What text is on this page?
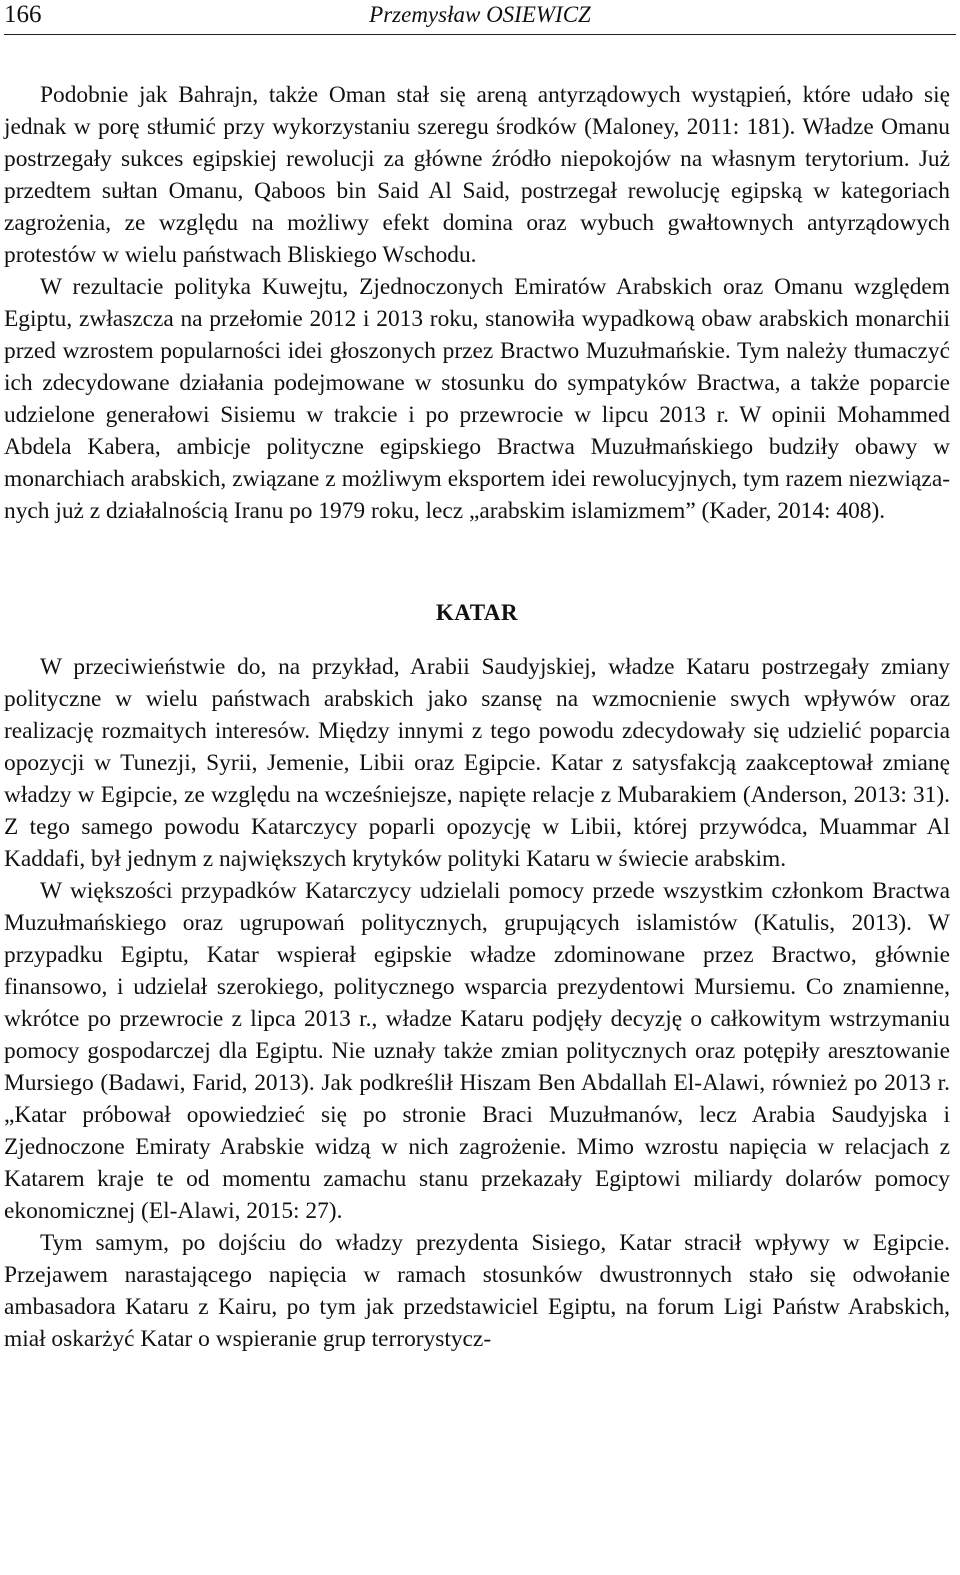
166	Przemysław OSIEWICZ

Podobnie jak Bahrajn, także Oman stał się areną antyrządowych wystąpień, które udało się jednak w porę stłumić przy wykorzystaniu szeregu środków (Maloney, 2011: 181). Władze Omanu postrzegały sukces egipskiej rewolucji za główne źródło niepokojów na własnym terytorium. Już przedtem sułtan Omanu, Qaboos bin Said Al Said, postrzegał rewolucję egipską w kategoriach zagrożenia, ze względu na możliwy efekt domina oraz wybuch gwałtownych antyrządowych protestów w wielu państwach Bliskiego Wschodu.

W rezultacie polityka Kuwejtu, Zjednoczonych Emiratów Arabskich oraz Omanu względem Egiptu, zwłaszcza na przełomie 2012 i 2013 roku, stanowiła wypadkową obaw arabskich monarchii przed wzrostem popularności idei głoszonych przez Bractwo Muzułmańskie. Tym należy tłumaczyć ich zdecydowane działania podejmowane w stosunku do sympatyków Bractwa, a także poparcie udzielone generałowi Sisiemu w trakcie i po przewrocie w lipcu 2013 r. W opinii Mohammed Abdela Kabera, ambicje polityczne egipskiego Bractwa Muzułmańskiego budziły obawy w monarchiach arabskich, związane z możliwym eksportem idei rewolucyjnych, tym razem niezwiązanych już z działalnością Iranu po 1979 roku, lecz „arabskim islamizmem” (Kader, 2014: 408).

KATAR

W przeciwieństwie do, na przykład, Arabii Saudyjskiej, władze Kataru postrzegały zmiany polityczne w wielu państwach arabskich jako szansę na wzmocnienie swych wpływów oraz realizację rozmaitych interesów. Między innymi z tego powodu zdecydowały się udzielić poparcia opozycji w Tunezji, Syrii, Jemenie, Libii oraz Egipcie. Katar z satysfakcją zaakceptował zmianę władzy w Egipcie, ze względu na wcześniejsze, napięte relacje z Mubarakiem (Anderson, 2013: 31). Z tego samego powodu Katarczycy poparli opozycję w Libii, której przywódca, Muammar Al Kaddafi, był jednym z największych krytyków polityki Kataru w świecie arabskim.

W większości przypadków Katarczycy udzielali pomocy przede wszystkim członkom Bractwa Muzułmańskiego oraz ugrupowań politycznych, grupujących islamistów (Katulis, 2013). W przypadku Egiptu, Katar wspierał egipskie władze zdominowane przez Bractwo, głównie finansowo, i udzielał szerokiego, politycznego wsparcia prezydentowi Mursiemu. Co znamienne, wkrótce po przewrocie z lipca 2013 r., władze Kataru podjęły decyzję o całkowitym wstrzymaniu pomocy gospodarczej dla Egiptu. Nie uznały także zmian politycznych oraz potępiły aresztowanie Mursiego (Badawi, Farid, 2013). Jak podkreślił Hiszam Ben Abdallah El-Alawi, również po 2013 r. „Katar próbował opowiedzieć się po stronie Braci Muzułmanów, lecz Arabia Saudyjska i Zjednoczone Emiraty Arabskie widzą w nich zagrożenie. Mimo wzrostu napięcia w relacjach z Katarem kraje te od momentu zamachu stanu przekazały Egiptowi miliardy dolarów pomocy ekonomicznej (El-Alawi, 2015: 27).

Tym samym, po dojściu do władzy prezydenta Sisiego, Katar stracił wpływy w Egipcie. Przejawem narastającego napięcia w ramach stosunków dwustronnych stało się odwołanie ambasadora Kataru z Kairu, po tym jak przedstawiciel Egiptu, na forum Ligi Państw Arabskich, miał oskarżyć Katar o wspieranie grup terrorystycz-
